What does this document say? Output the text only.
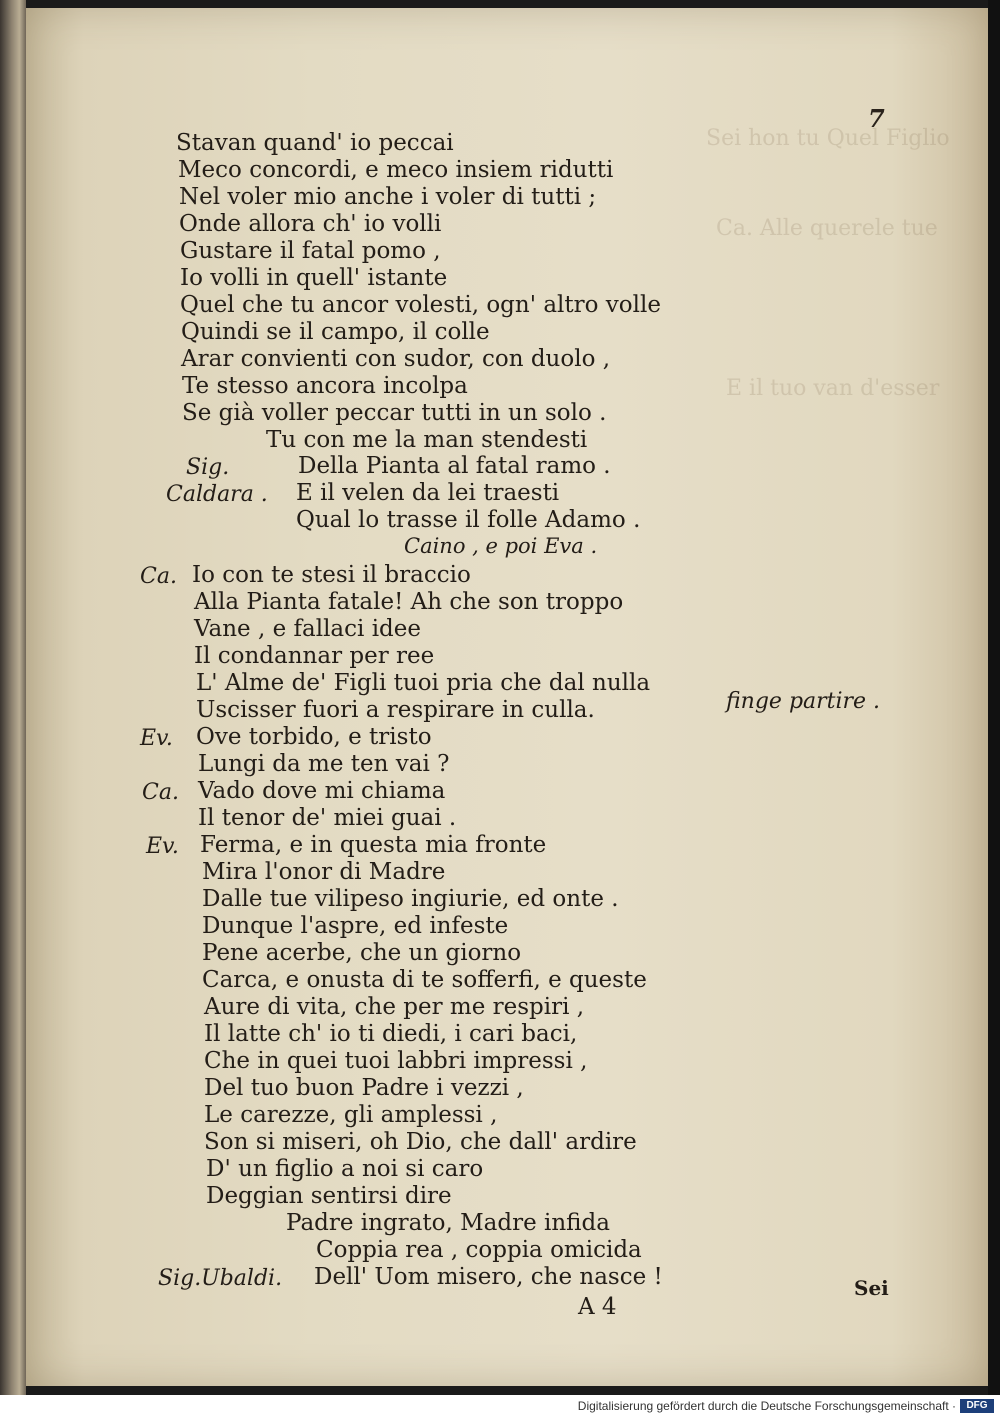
Sei hon tu Quel Figlio
Ca. Alle querele tue
E il tuo van d'esser
7
Stavan quand' io peccai
Meco concordi, e meco insiem ridutti
Nel voler mio anche i voler di tutti ;
Onde allora ch' io volli
Gustare il fatal pomo ,
Io volli in quell' istante
Quel che tu ancor volesti, ogn' altro volle
Quindi se il campo, il colle
Arar convienti con sudor, con duolo ,
Te stesso ancora incolpa
Se già voller peccar tutti in un solo .
Tu con me la man stendesti
Sig.	Della Pianta al fatal ramo .
Caldara . E il velen da lei traesti
Qual lo trasse il folle Adamo .
Caino , e poi Eva .
Ca. Io con te stesi il braccio
Alla Pianta fatale! Ah che son troppo
Vane , e fallaci idee
Il condannar per ree
L' Alme de' Figli tuoi pria che dal nulla
Uscisser fuori a respirare in culla.	finge partire .
Ev. Ove torbido, e tristo
Lungi da me ten vai ?
Ca. Vado dove mi chiama
Il tenor de' miei guai .
Ev. Ferma, e in questa mia fronte
Mira l'onor di Madre
Dalle tue vilipeso ingiurie, ed onte .
Dunque l'aspre, ed infeste
Pene acerbe, che un giorno
Carca, e onusta di te sofferfi, e queste
Aure di vita, che per me respiri ,
Il latte ch' io ti diedi, i cari baci,
Che in quei tuoi labbri impressi ,
Del tuo buon Padre i vezzi ,
Le carezze, gli amplessi ,
Son si miseri, oh Dio, che dall' ardire
D' un figlio a noi si caro
Deggian sentirsi dire
Padre ingrato, Madre infida
Coppia rea , coppia omicida
Sig.Ubaldi. Dell' Uom misero, che nasce !
A 4
Sei
Digitalisierung gefördert durch die Deutsche Forschungsgemeinschaft ·	DFG
